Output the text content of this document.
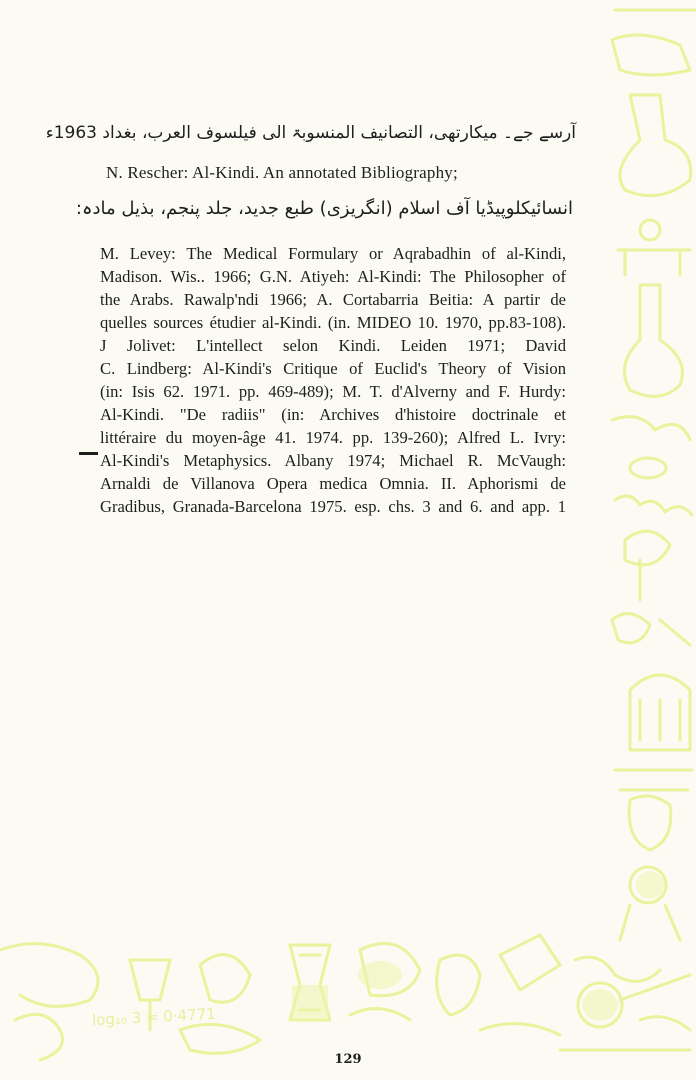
آرسے جے۔ میکارتھی، التصانیف المنسوبۃ الی فیلسوف العرب، بغداد 1963ء
N. Rescher: Al-Kindi. An annotated Bibliography;
انسائیکلوپیڈیا آف اسلام (انگریزی) طبع جدید، جلد پنجم، بذیل مادہ:
M. Levey: The Medical Formulary or Aqrabadhin of al-Kindi,
Madison. Wis.. 1966; G.N. Atiyeh: Al-Kindi: The Philosopher of
the Arabs. Rawalp'ndi 1966; A. Cortabarria Beitia: A partir de
quelles sources étudier al-Kindi. (in. MIDEO 10. 1970, pp.83-108).
J Jolivet: L'intellect selon Kindi. Leiden 1971; David
C. Lindberg: Al-Kindi's Critique of Euclid's Theory of Vision
(in: Isis 62. 1971. pp. 469-489); M. T. d'Alverny and F. Hurdy:
Al-Kindi. "De radiis" (in: Archives d'histoire doctrinale et
littéraire du moyen-âge 41. 1974. pp. 139-260); Alfred L. Ivry:
Al-Kindi's Metaphysics. Albany 1974; Michael R. McVaugh:
Arnaldi de Villanova Opera medica Omnia. II. Aphorismi de
Gradibus, Granada-Barcelona 1975. esp. chs. 3 and 6. and app. 1
log₁₀ 3 = 0·4771
129
